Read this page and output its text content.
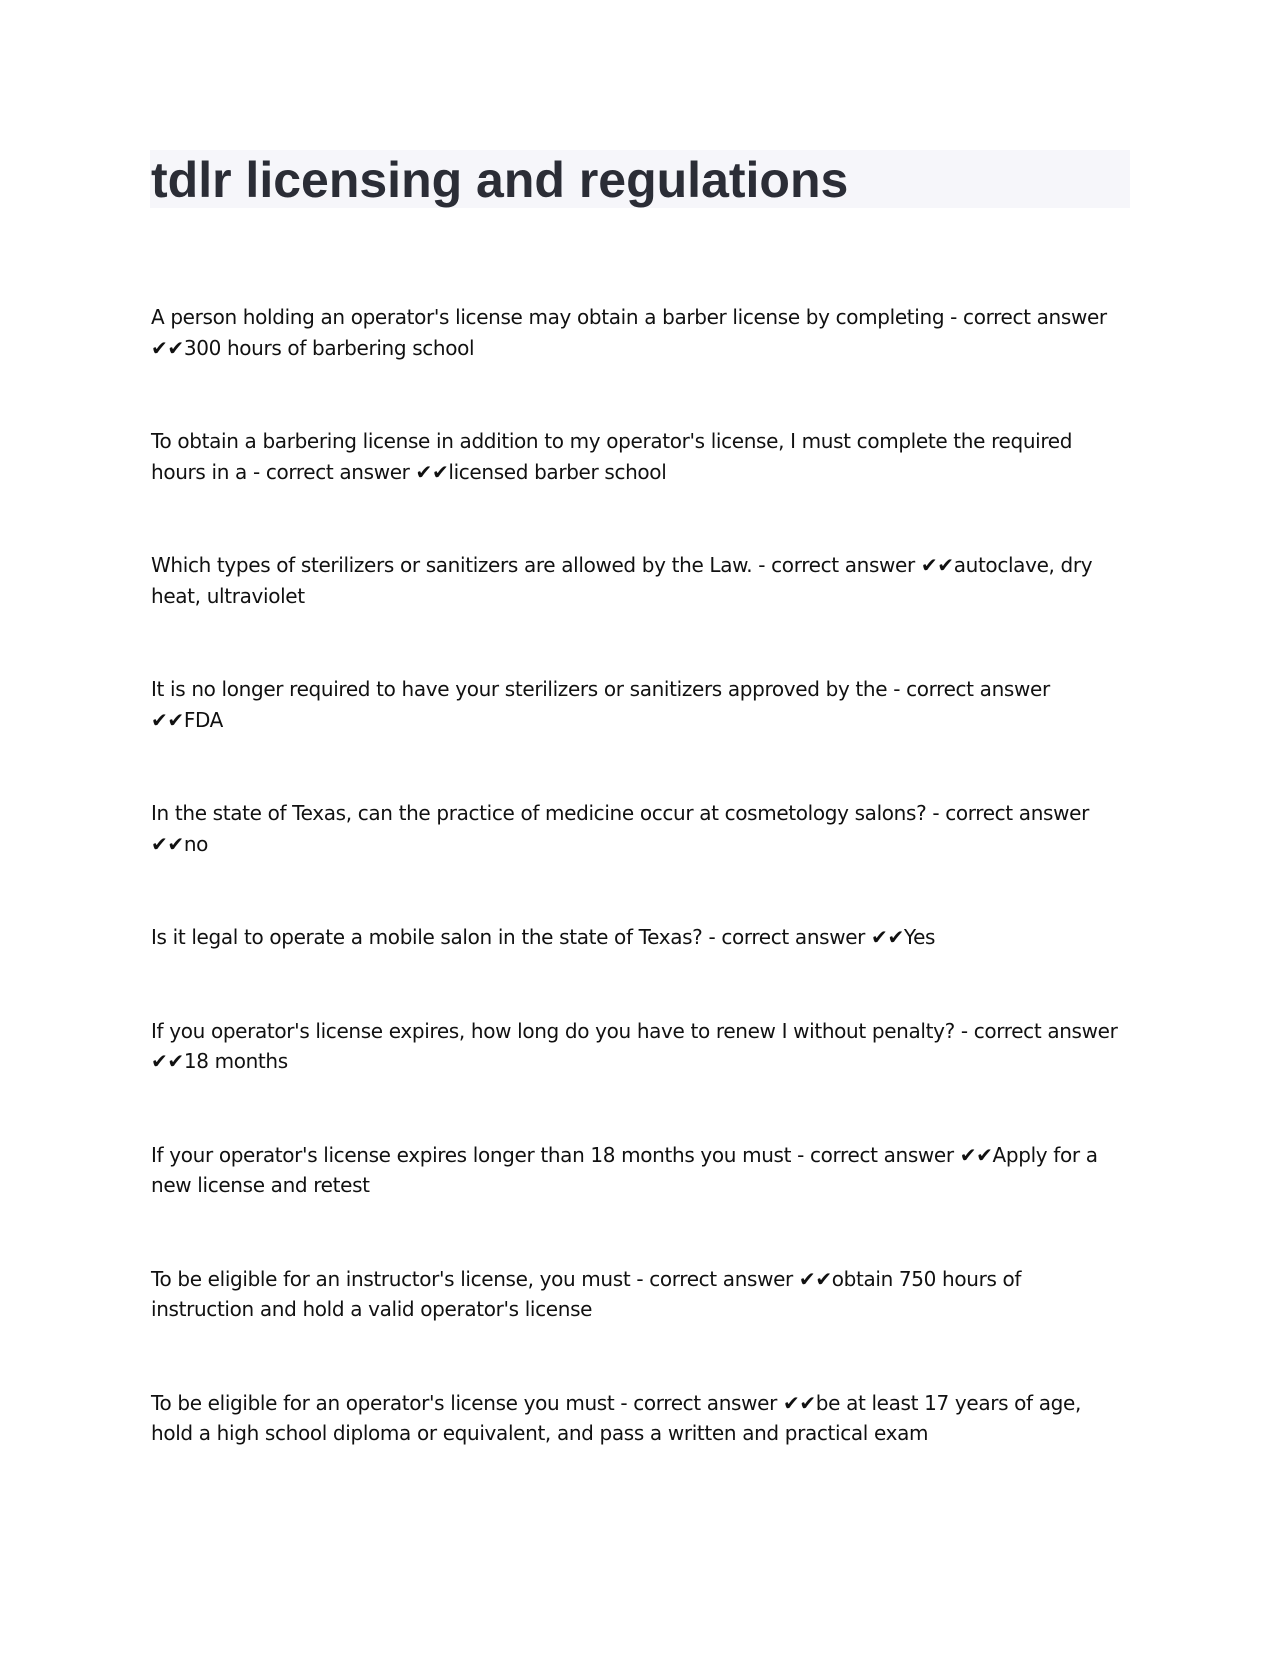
tdlr licensing and regulations
A person holding an operator's license may obtain a barber license by completing - correct answer ✔✔300 hours of barbering school
To obtain a barbering license in addition to my operator's license, I must complete the required hours in a - correct answer ✔✔licensed barber school
Which types of sterilizers or sanitizers are allowed by the Law. - correct answer ✔✔autoclave, dry heat, ultraviolet
It is no longer required to have your sterilizers or sanitizers approved by the - correct answer ✔✔FDA
In the state of Texas, can the practice of medicine occur at cosmetology salons? - correct answer ✔✔no
Is it legal to operate a mobile salon in the state of Texas? - correct answer ✔✔Yes
If you operator's license expires, how long do you have to renew I without penalty? - correct answer ✔✔18 months
If your operator's license expires longer than 18 months you must - correct answer ✔✔Apply for a new license and retest
To be eligible for an instructor's license, you must - correct answer ✔✔obtain 750 hours of instruction and hold a valid operator's license
To be eligible for an operator's license you must - correct answer ✔✔be at least 17 years of age, hold a high school diploma or equivalent, and pass a written and practical exam
